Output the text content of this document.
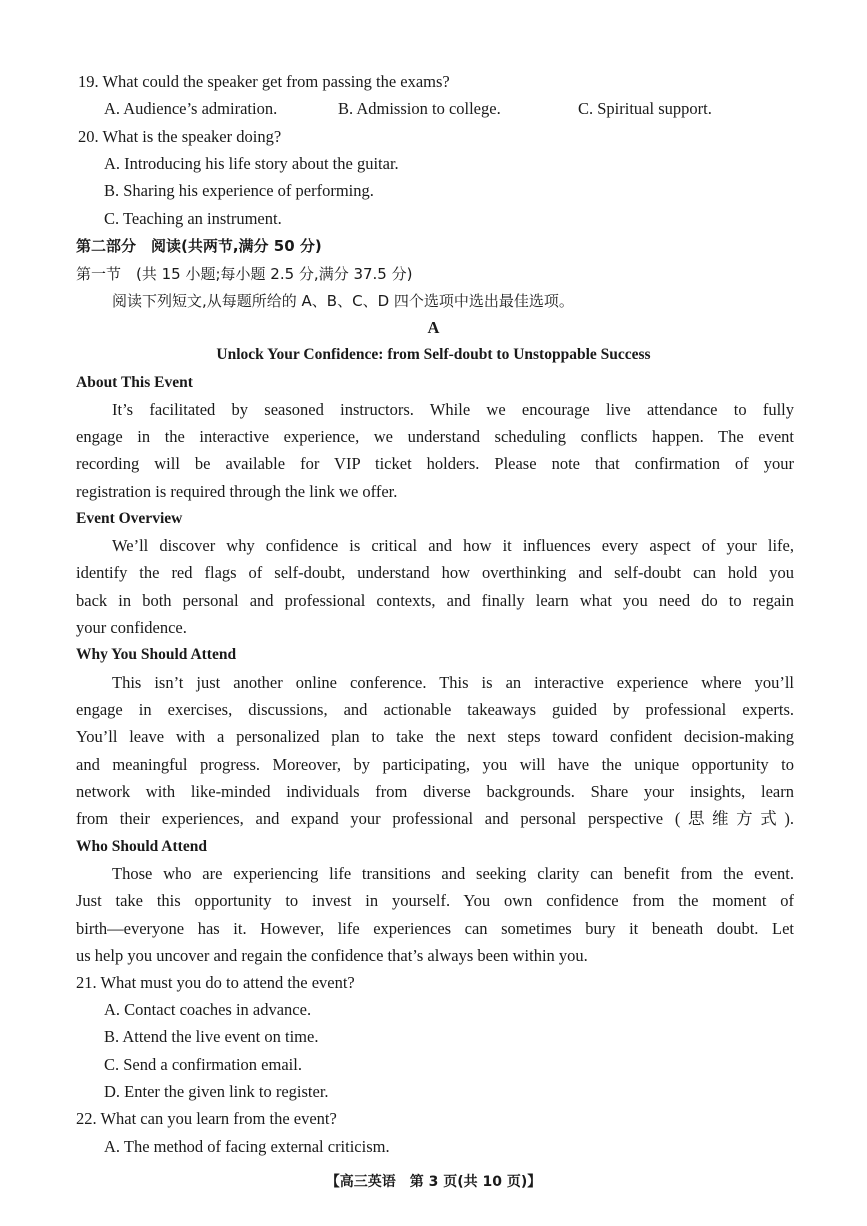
19. What could the speaker get from passing the exams?
A. Audience’s admiration.	B. Admission to college.	C. Spiritual support.
20. What is the speaker doing?
A. Introducing his life story about the guitar.
B. Sharing his experience of performing.
C. Teaching an instrument.
第二部分　阅读(共两节,满分 50 分)
第一节　(共 15 小题;每小题 2.5 分,满分 37.5 分)
阅读下列短文,从每题所给的 A、B、C、D 四个选项中选出最佳选项。
A
Unlock Your Confidence: from Self-doubt to Unstoppable Success
About This Event
It’s facilitated by seasoned instructors. While we encourage live attendance to fully
engage in the interactive experience, we understand scheduling conflicts happen. The event
recording will be available for VIP ticket holders. Please note that confirmation of your
registration is required through the link we offer.
Event Overview
We’ll discover why confidence is critical and how it influences every aspect of your life,
identify the red flags of self-doubt, understand how overthinking and self-doubt can hold you
back in both personal and professional contexts, and finally learn what you need do to regain
your confidence.
Why You Should Attend
This isn’t just another online conference. This is an interactive experience where you’ll
engage in exercises, discussions, and actionable takeaways guided by professional experts.
You’ll leave with a personalized plan to take the next steps toward confident decision-making
and meaningful progress. Moreover, by participating, you will have the unique opportunity to
network with like-minded individuals from diverse backgrounds. Share your insights, learn
from their experiences, and expand your professional and personal perspective (思维方式).
Who Should Attend
Those who are experiencing life transitions and seeking clarity can benefit from the event.
Just take this opportunity to invest in yourself. You own confidence from the moment of
birth—everyone has it. However, life experiences can sometimes bury it beneath doubt. Let
us help you uncover and regain the confidence that’s always been within you.
21. What must you do to attend the event?
A. Contact coaches in advance.
B. Attend the live event on time.
C. Send a confirmation email.
D. Enter the given link to register.
22. What can you learn from the event?
A. The method of facing external criticism.
【高三英语　第 3 页(共 10 页)】
